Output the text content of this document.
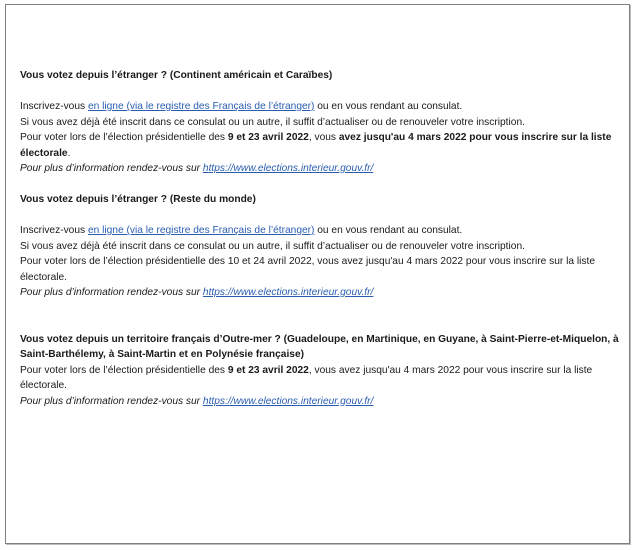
Vous votez depuis l’étranger ? (Continent américain et Caraïbes)

Inscrivez-vous en ligne (via le registre des Français de l’étranger) ou en vous rendant au consulat.

Si vous avez déjà été inscrit dans ce consulat ou un autre, il suffit d’actualiser ou de renouveler votre inscription.

Pour voter lors de l’élection présidentielle des 9 et 23 avril 2022, vous avez jusqu'au 4 mars 2022 pour vous inscrire sur la liste électorale.

Pour plus d’information rendez-vous sur https://www.elections.interieur.gouv.fr/

Vous votez depuis l’étranger ? (Reste du monde)

Inscrivez-vous en ligne (via le registre des Français de l’étranger) ou en vous rendant au consulat.

Si vous avez déjà été inscrit dans ce consulat ou un autre, il suffit d’actualiser ou de renouveler votre inscription.

Pour voter lors de l’élection présidentielle des 10 et 24 avril 2022, vous avez jusqu'au 4 mars 2022 pour vous inscrire sur la liste électorale.

Pour plus d’information rendez-vous sur https://www.elections.interieur.gouv.fr/

Vous votez depuis un territoire français d’Outre-mer ? (Guadeloupe, en Martinique, en Guyane, à Saint-Pierre-et-Miquelon, à Saint-Barthélemy, à Saint-Martin et en Polynésie française)

Pour voter lors de l’élection présidentielle des 9 et 23 avril 2022, vous avez jusqu'au 4 mars 2022 pour vous inscrire sur la liste électorale.

Pour plus d’information rendez-vous sur https://www.elections.interieur.gouv.fr/
